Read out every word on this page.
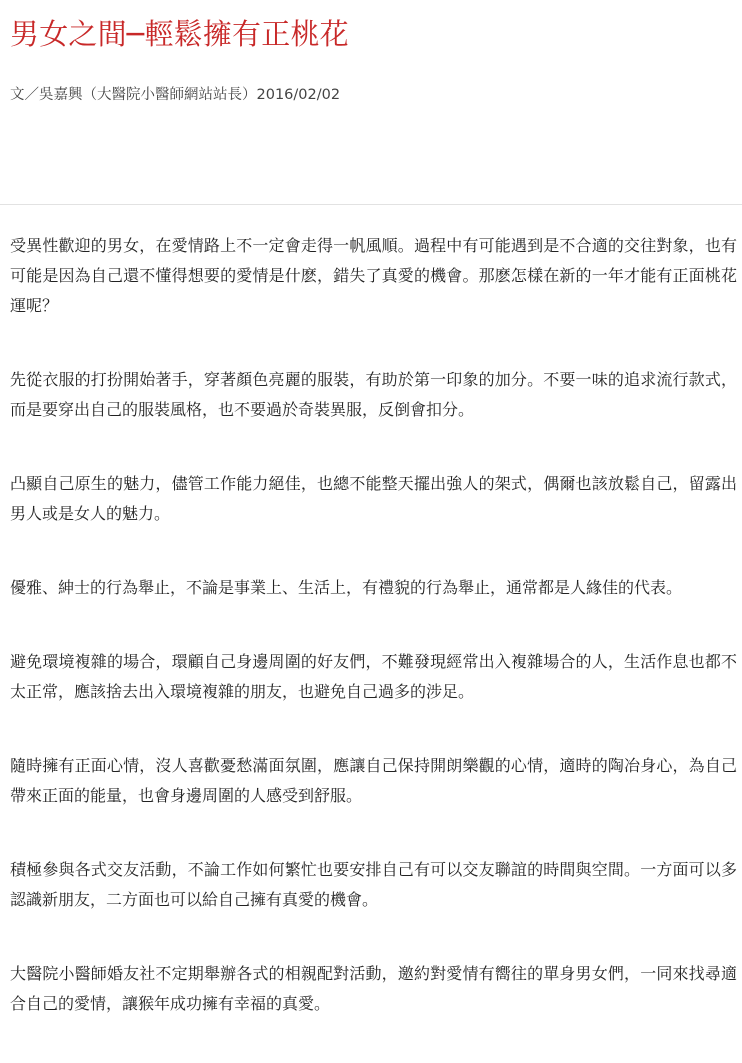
男女之間─輕鬆擁有正桃花
文／吳嘉興（大醫院小醫師網站站長）2016/02/02

受異性歡迎的男女，在愛情路上不一定會走得一帆風順。過程中有可能遇到是不合適的交往對象，也有可能是因為自己還不懂得想要的愛情是什麽，錯失了真愛的機會。那麽怎樣在新的一年才能有正面桃花運呢？

先從衣服的打扮開始著手，穿著顏色亮麗的服裝，有助於第一印象的加分。不要一味的追求流行款式，而是要穿出自己的服裝風格，也不要過於奇裝異服，反倒會扣分。

凸顯自己原生的魅力，儘管工作能力絕佳，也總不能整天擺出強人的架式，偶爾也該放鬆自己，留露出男人或是女人的魅力。

優雅、紳士的行為舉止，不論是事業上、生活上，有禮貌的行為舉止，通常都是人緣佳的代表。

避免環境複雜的場合，環顧自己身邊周圍的好友們，不難發現經常出入複雜場合的人，生活作息也都不太正常，應該捨去出入環境複雜的朋友，也避免自己過多的涉足。

隨時擁有正面心情，沒人喜歡憂愁滿面氛圍，應讓自己保持開朗樂觀的心情，適時的陶冶身心，為自己帶來正面的能量，也會身邊周圍的人感受到舒服。

積極參與各式交友活動，不論工作如何繁忙也要安排自己有可以交友聯誼的時間與空間。一方面可以多認識新朋友，二方面也可以給自己擁有真愛的機會。

大醫院小醫師婚友社不定期舉辦各式的相親配對活動，邀約對愛情有嚮往的單身男女們，一同來找尋適合自己的愛情，讓猴年成功擁有幸福的真愛。
